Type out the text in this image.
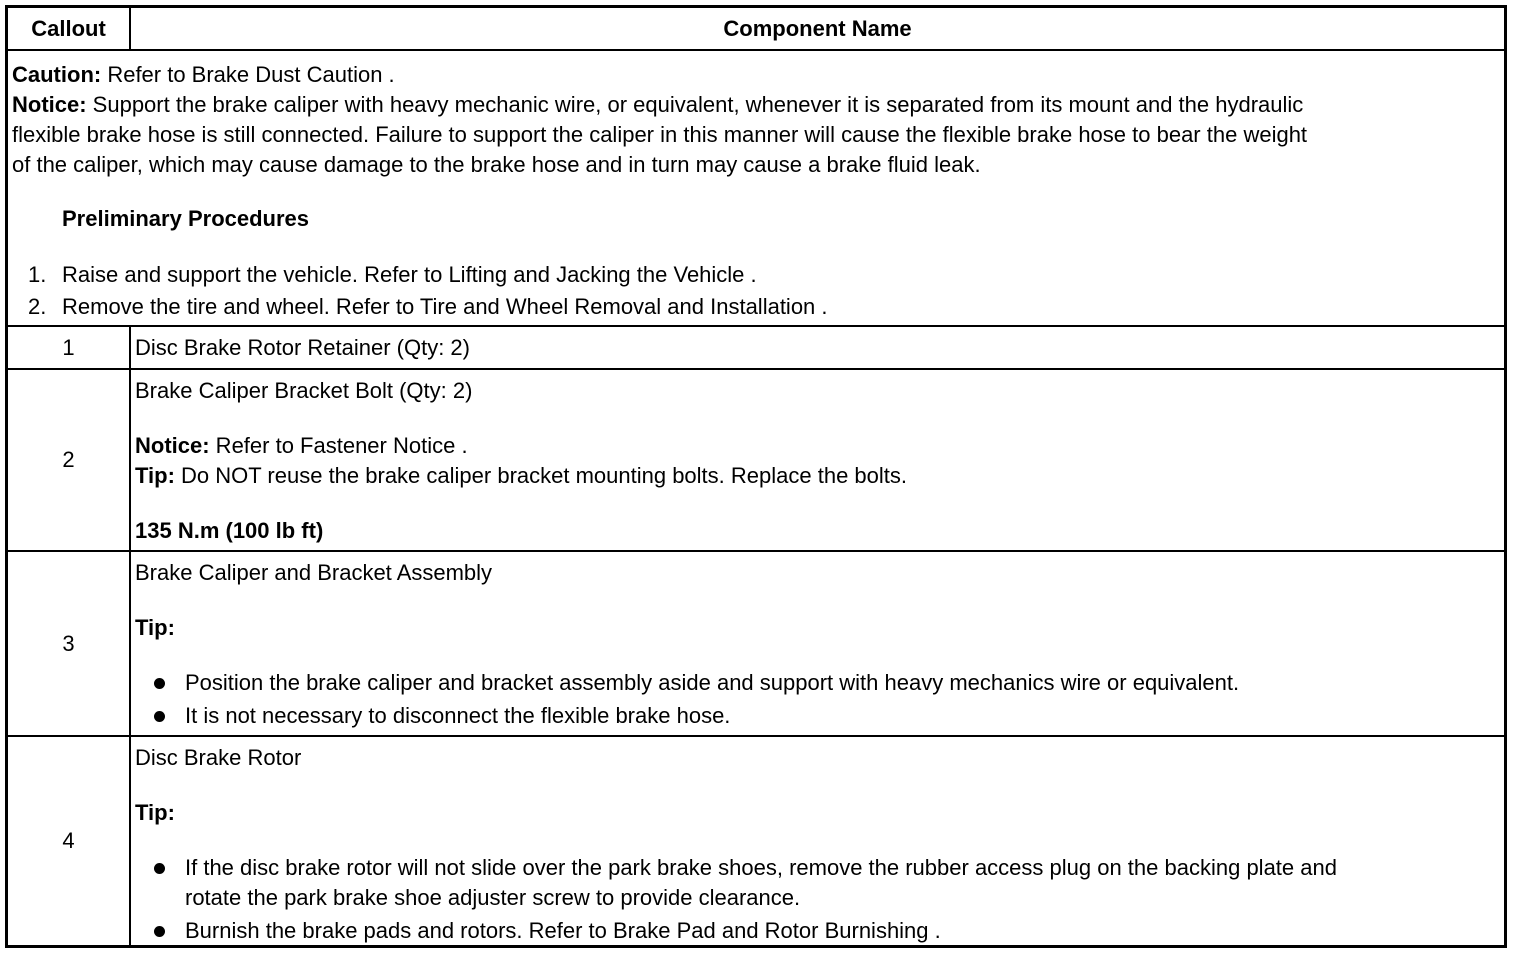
Callout	Component Name
Caution: Refer to Brake Dust Caution .
Notice: Support the brake caliper with heavy mechanic wire, or equivalent, whenever it is separated from its mount and the hydraulic
flexible brake hose is still connected. Failure to support the caliper in this manner will cause the flexible brake hose to bear the weight
of the caliper, which may cause damage to the brake hose and in turn may cause a brake fluid leak.
Preliminary Procedures
1. Raise and support the vehicle. Refer to Lifting and Jacking the Vehicle .
2. Remove the tire and wheel. Refer to Tire and Wheel Removal and Installation .
1	Disc Brake Rotor Retainer (Qty: 2)
2
Brake Caliper Bracket Bolt (Qty: 2)
Notice: Refer to Fastener Notice .
Tip: Do NOT reuse the brake caliper bracket mounting bolts. Replace the bolts.
135 N.m (100 lb ft)
3
Brake Caliper and Bracket Assembly
Tip:
Position the brake caliper and bracket assembly aside and support with heavy mechanics wire or equivalent.
It is not necessary to disconnect the flexible brake hose.
4
Disc Brake Rotor
Tip:
If the disc brake rotor will not slide over the park brake shoes, remove the rubber access plug on the backing plate and
rotate the park brake shoe adjuster screw to provide clearance.
Burnish the brake pads and rotors. Refer to Brake Pad and Rotor Burnishing .
